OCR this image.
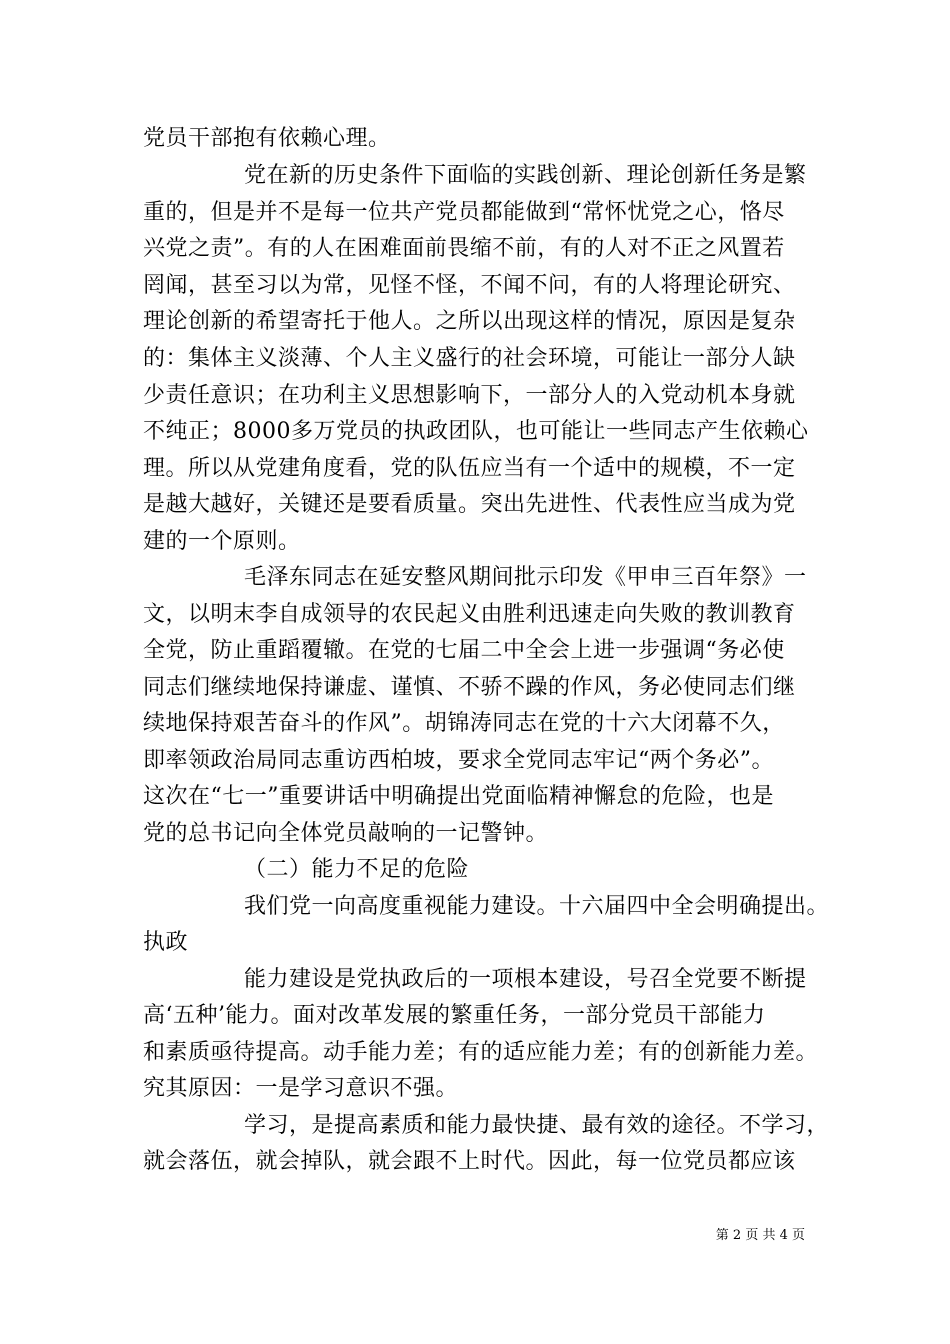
党员干部抱有依赖心理。
党在新的历史条件下面临的实践创新、理论创新任务是繁
重的，但是并不是每一位共产党员都能做到“常怀忧党之心，恪尽
兴党之责”。有的人在困难面前畏缩不前，有的人对不正之风置若
罔闻，甚至习以为常，见怪不怪，不闻不问，有的人将理论研究、
理论创新的希望寄托于他人。之所以出现这样的情况，原因是复杂
的：集体主义淡薄、个人主义盛行的社会环境，可能让一部分人缺
少责任意识；在功利主义思想影响下，一部分人的入党动机本身就
不纯正；8000多万党员的执政团队，也可能让一些同志产生依赖心
理。所以从党建角度看，党的队伍应当有一个适中的规模，不一定
是越大越好，关键还是要看质量。突出先进性、代表性应当成为党
建的一个原则。
毛泽东同志在延安整风期间批示印发《甲申三百年祭》一
文，以明末李自成领导的农民起义由胜利迅速走向失败的教训教育
全党，防止重蹈覆辙。在党的七届二中全会上进一步强调“务必使
同志们继续地保持谦虚、谨慎、不骄不躁的作风，务必使同志们继
续地保持艰苦奋斗的作风”。胡锦涛同志在党的十六大闭幕不久，
即率领政治局同志重访西柏坡，要求全党同志牢记“两个务必”。
这次在“七一”重要讲话中明确提出党面临精神懈怠的危险，也是
党的总书记向全体党员敲响的一记警钟。
（二）能力不足的危险
我们党一向高度重视能力建设。十六届四中全会明确提出。
执政
能力建设是党执政后的一项根本建设，号召全党要不断提
高‘五种’能力。面对改革发展的繁重任务，一部分党员干部能力
和素质亟待提高。动手能力差；有的适应能力差；有的创新能力差。
究其原因：一是学习意识不强。
学习，是提高素质和能力最快捷、最有效的途径。不学习，
就会落伍，就会掉队，就会跟不上时代。因此，每一位党员都应该
第 2 页 共 4 页
